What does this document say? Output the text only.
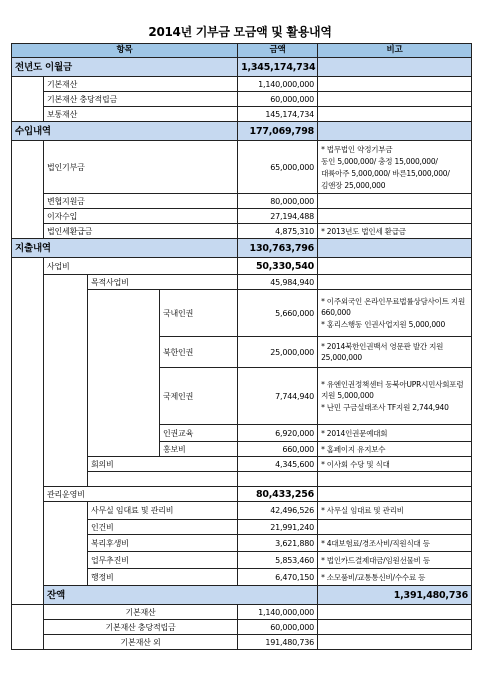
2014년 기부금 모금액 및 활용내역
항목				금액	비고	
전년도 이월금				1,345,174,734		
	기본재산			1,140,000,000		
	기본재산 충당적립금			60,000,000		
	보통재산			145,174,734		
수입내역				177,069,798		
	법인기부금			65,000,000	* 법무법인 약정기부금
동인 5,000,000/ 충정 15,000,000/
대륙아주 5,000,000/ 바른15,000,000/
김앤장 25,000,000	

	변협지원금			80,000,000		
	이자수입			27,194,488		
	법인세환급금			4,875,310	* 2013년도 법인세 환급금	
지출내역				130,763,796		
	사업비			50,330,540		
		목적사업비		45,984,940		
			국내인권	5,660,000	* 이주외국인 온라인무료법률상담사이트 지원 660,000
* 홍리스행동 인권사업지원 5,000,000	

			북한인권	25,000,000	* 2014북한인권백서 영문판 발간 지원 25,000,000	

			국제인권	7,744,940	* 유엔인권정책센터 동북아UPR시민사회포럼 지원 5,000,000
* 난민 구금실태조사 TF지원 2,744,940	

			인권교육	6,920,000	* 2014인권문예대회	
			홍보비	660,000	* 홈페이지 유지보수	
		회의비		4,345,600	* 이사회 수당 및 식대	

	관리운영비			80,433,256		
		사무실 임대료 및 관리비		42,496,526	* 사무실 임대료 및 관리비	
		인건비		21,991,240		
		복리후생비		3,621,880	* 4대보험료/경조사비/직원식대 등	
		업무추진비		5,853,460	* 법인카드결제대금/임원선물비 등	
		행정비		6,470,150	* 소모품비/교통통신비/수수료 등	
	잔액				1,391,480,736	
	기본재산			1,140,000,000		
	기본재산 충당적립금			60,000,000		
	기본재산 외			191,480,736		
